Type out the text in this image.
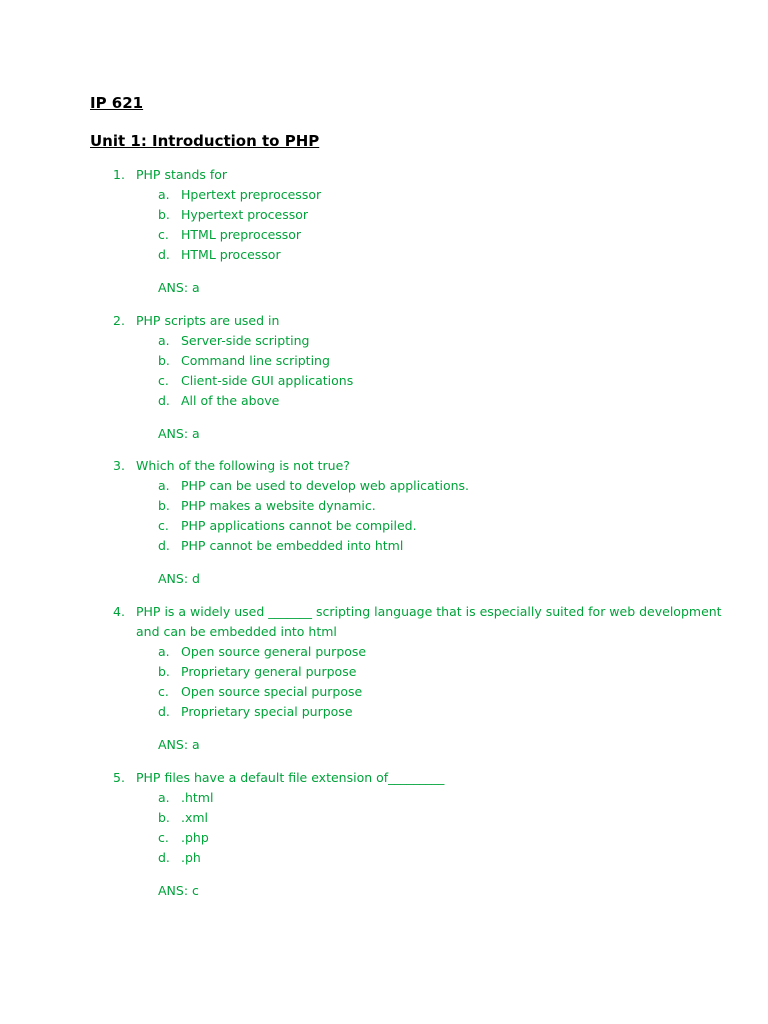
IP 621
Unit 1: Introduction to PHP
1. PHP stands for
a. Hpertext preprocessor
b. Hypertext processor
c. HTML preprocessor
d. HTML processor
ANS: a
2. PHP scripts are used in
a. Server-side scripting
b. Command line scripting
c. Client-side GUI applications
d. All of the above
ANS: a
3. Which of the following is not true?
a. PHP can be used to develop web applications.
b. PHP makes a website dynamic.
c. PHP applications cannot be compiled.
d. PHP cannot be embedded into html
ANS: d
4. PHP is a widely used _______ scripting language that is especially suited for web development
and can be embedded into html
a. Open source general purpose
b. Proprietary general purpose
c. Open source special purpose
d. Proprietary special purpose
ANS: a
5. PHP files have a default file extension of_________
a. .html
b. .xml
c. .php
d. .ph
ANS: c
